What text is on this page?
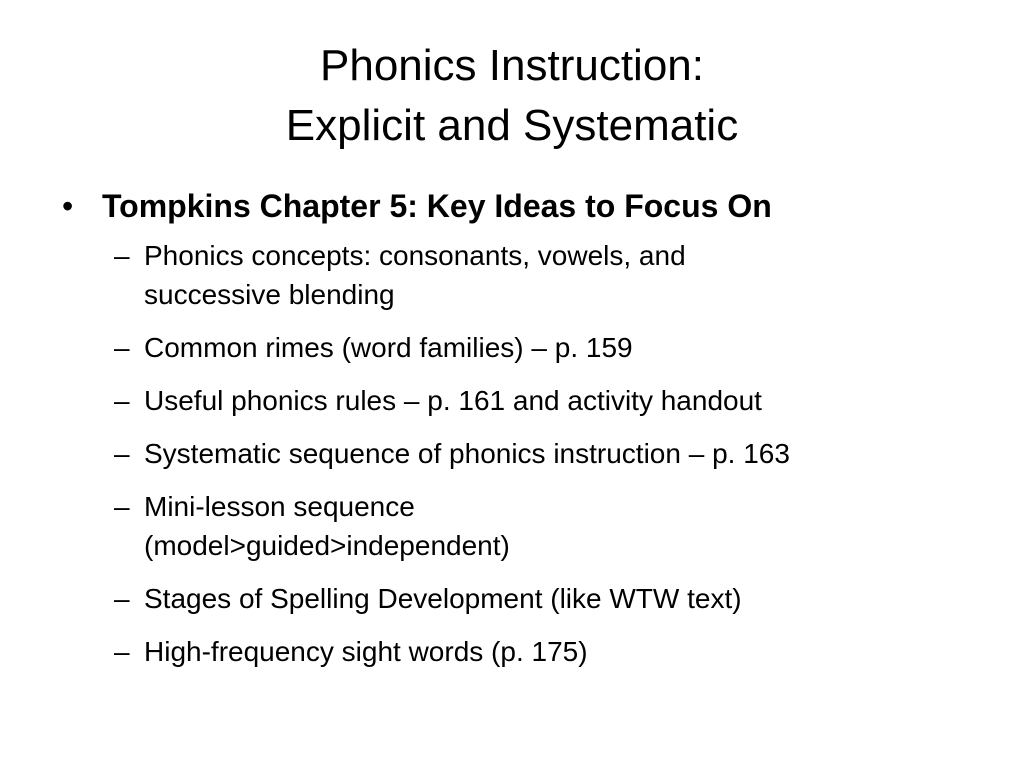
Phonics Instruction:
Explicit and Systematic
• Tompkins Chapter 5: Key Ideas to Focus On
– Phonics concepts: consonants, vowels, and
successive blending
– Common rimes (word families) – p. 159
– Useful phonics rules – p. 161 and activity handout
– Systematic sequence of phonics instruction – p. 163
– Mini-lesson sequence
(model>guided>independent)
– Stages of Spelling Development (like WTW text)
– High-frequency sight words (p. 175)
